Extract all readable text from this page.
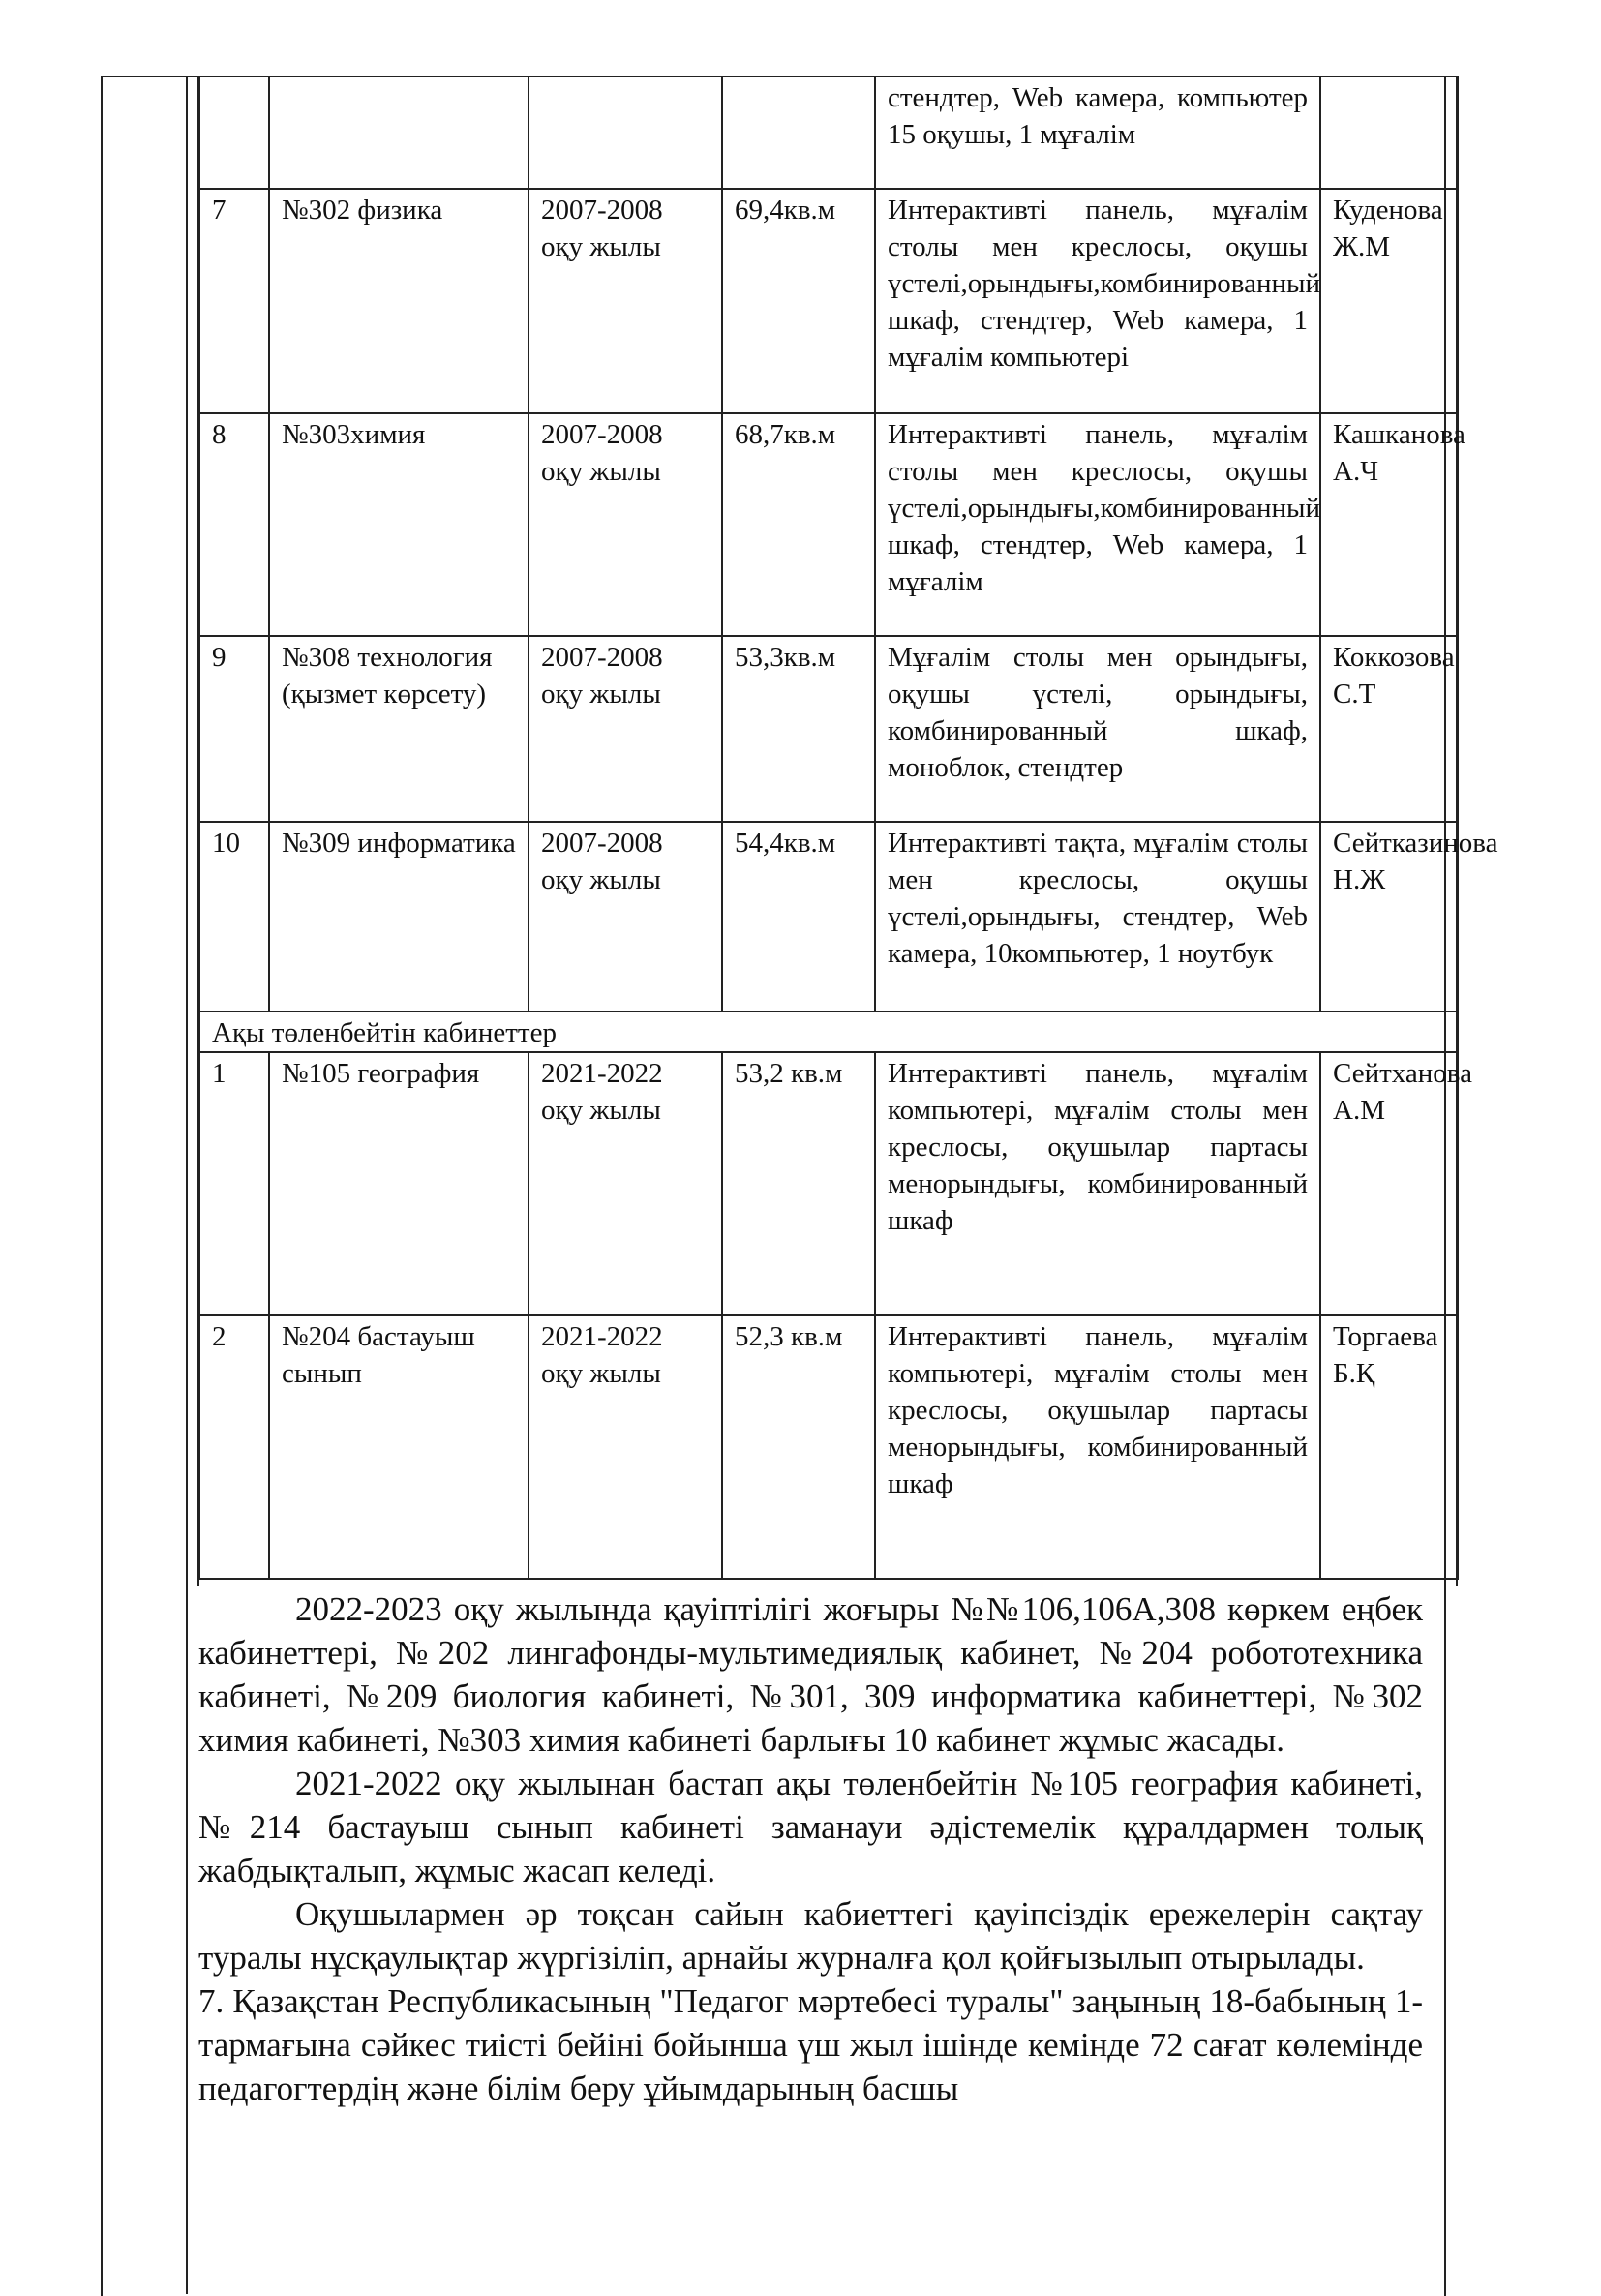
				стендтер, Web камера, компьютер 15 оқушы, 1 мұғалім	
7	№302 физика	2007-2008 оқу жылы	69,4кв.м	Интерактивті панель, мұғалім столы мен креслосы, оқушы үстелі,орындығы,комбинированный шкаф, стендтер, Web камера, 1 мұғалім компьютері	Куденова Ж.М
8	№303химия	2007-2008 оқу жылы	68,7кв.м	Интерактивті панель, мұғалім столы мен креслосы, оқушы үстелі,орындығы,комбинированный шкаф, стендтер, Web камера, 1 мұғалім	Кашканова А.Ч
9	№308 технология (қызмет көрсету)	2007-2008 оқу жылы	53,3кв.м	Мұғалім столы мен орындығы, оқушы үстелі, орындығы, комбинированный шкаф, моноблок, стендтер	Коккозова С.Т
10	№309 информатика	2007-2008 оқу жылы	54,4кв.м	Интерактивті тақта, мұғалім столы мен креслосы, оқушы үстелі,орындығы, стендтер, Web камера, 10компьютер, 1 ноутбук	Сейтказинова Н.Ж
Ақы төленбейтін кабинеттер					
1	№105 география	2021-2022 оқу жылы	53,2 кв.м	Интерактивті панель, мұғалім компьютері, мұғалім столы мен креслосы, оқушылар партасы менорындығы, комбинированный шкаф	Сейтханова А.М
2	№204 бастауыш сынып	2021-2022 оқу жылы	52,3 кв.м	Интерактивті панель, мұғалім компьютері, мұғалім столы мен креслосы, оқушылар партасы менорындығы, комбинированный шкаф	Торгаева Б.Қ

2022-2023 оқу жылында қауіптілігі жоғыры №№106,106А,308 көркем еңбек кабинеттері, №202 лингафонды-мультимедиялық кабинет, №204 робототехника кабинеті, №209 биология кабинеті, №301, 309 информатика кабинеттері, №302 химия кабинеті, №303 химия кабинеті барлығы 10 кабинет жұмыс жасады.

2021-2022 оқу жылынан бастап ақы төленбейтін №105 география кабинеті, №214 бастауыш сынып кабинеті заманауи әдістемелік құралдармен толық жабдықталып, жұмыс жасап келеді.

Оқушылармен әр тоқсан сайын кабиеттегі қауіпсіздік ережелерін сақтау туралы нұсқаулықтар жүргізіліп, арнайы журналға қол қойғызылып отырылады.

7. Қазақстан Республикасының "Педагог мәртебесі туралы" заңының 18-бабының 1-тармағына сәйкес тиісті бейіні бойынша үш жыл ішінде кемінде 72 сағат көлемінде педагогтердің және білім беру ұйымдарының басшы
